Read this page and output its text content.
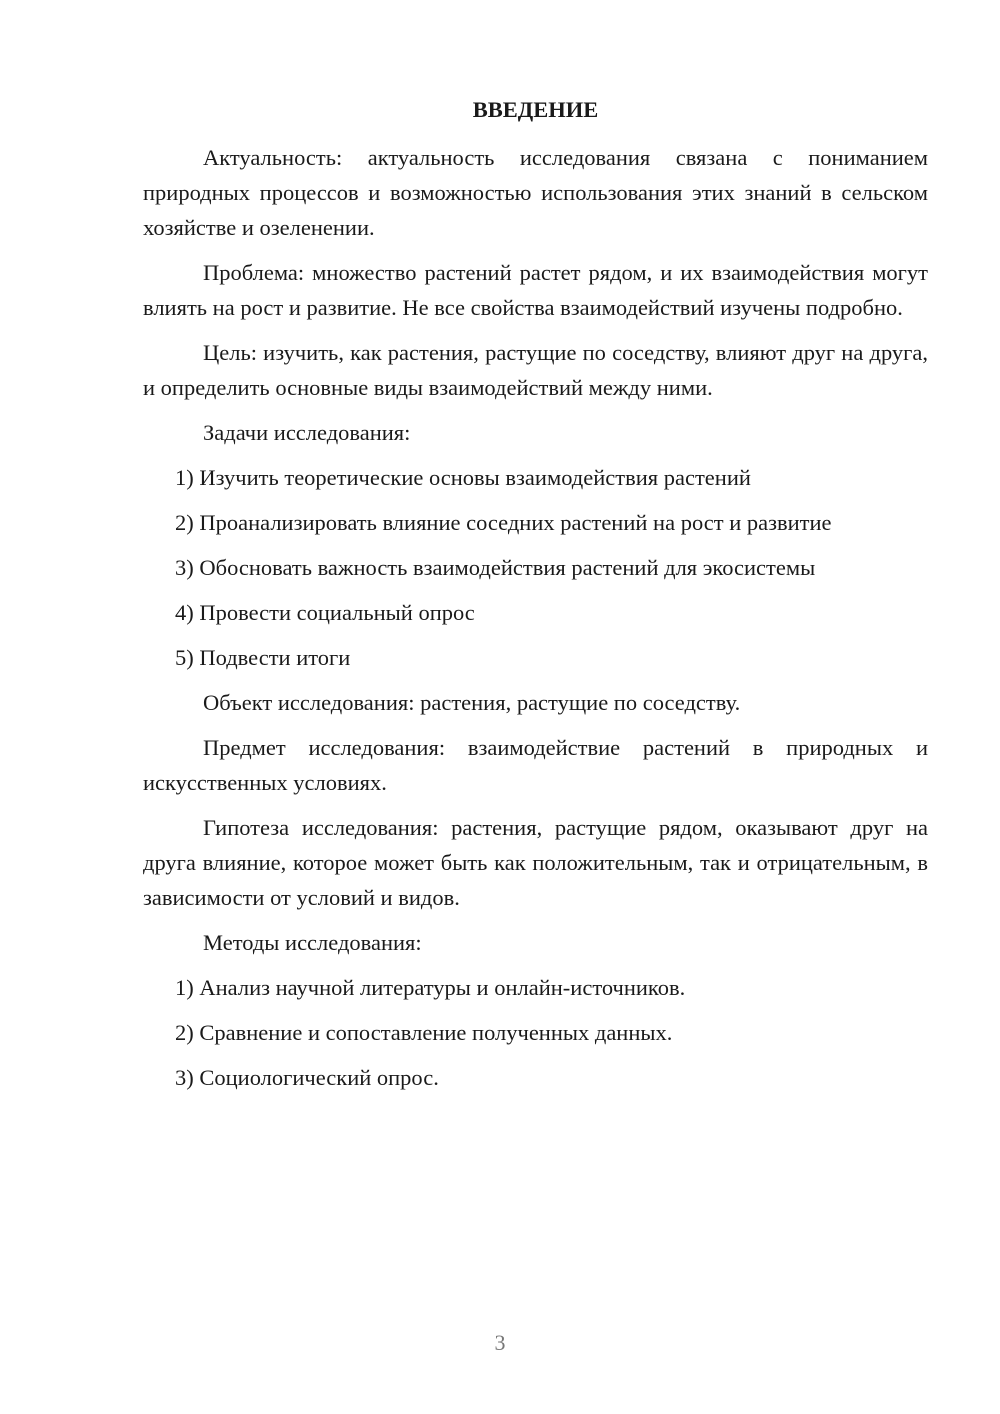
ВВЕДЕНИЕ
Актуальность: актуальность исследования связана с пониманием природных процессов и возможностью использования этих знаний в сельском хозяйстве и озеленении.
Проблема: множество растений растет рядом, и их взаимодействия могут влиять на рост и развитие. Не все свойства взаимодействий изучены подробно.
Цель: изучить, как растения, растущие по соседству, влияют друг на друга, и определить основные виды взаимодействий между ними.
Задачи исследования:
1) Изучить теоретические основы взаимодействия растений
2) Проанализировать влияние соседних растений на рост и развитие
3) Обосновать важность взаимодействия растений для экосистемы
4) Провести социальный опрос
5) Подвести итоги
Объект исследования: растения, растущие по соседству.
Предмет исследования: взаимодействие растений в природных и искусственных условиях.
Гипотеза исследования: растения, растущие рядом, оказывают друг на друга влияние, которое может быть как положительным, так и отрицательным, в зависимости от условий и видов.
Методы исследования:
1) Анализ научной литературы и онлайн-источников.
2) Сравнение и сопоставление полученных данных.
3) Социологический опрос.
3
